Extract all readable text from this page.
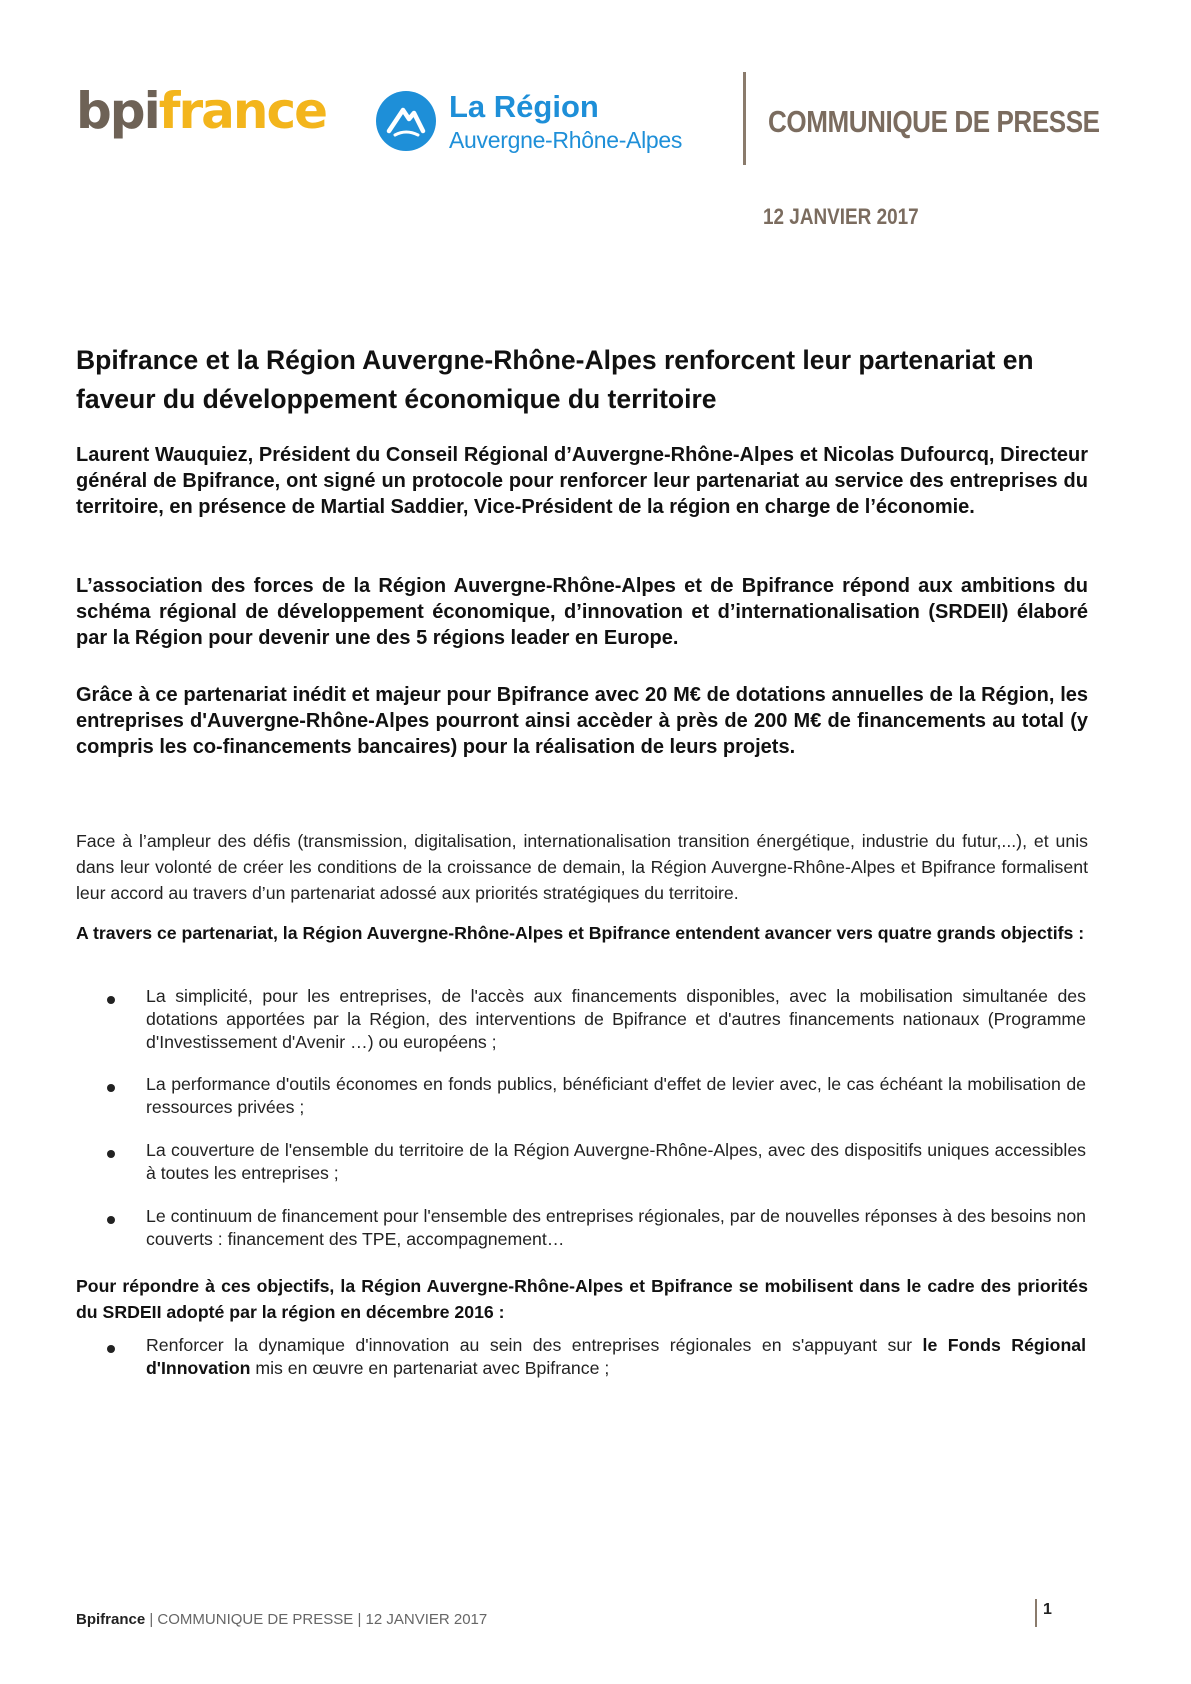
bpifrance	La Région
Auvergne-Rhône-Alpes
COMMUNIQUE DE PRESSE
12 JANVIER 2017
Bpifrance et la Région Auvergne-Rhône-Alpes renforcent leur partenariat en faveur du développement économique du territoire
Laurent Wauquiez, Président du Conseil Régional d’Auvergne-Rhône-Alpes et Nicolas Dufourcq, Directeur général de Bpifrance, ont signé un protocole pour renforcer leur partenariat au service des entreprises du territoire, en présence de Martial Saddier, Vice-Président de la région en charge de l’économie.
L’association des forces de la Région Auvergne-Rhône-Alpes et de Bpifrance répond aux ambitions du schéma régional de développement économique, d’innovation et d’internationalisation (SRDEII) élaboré par la Région pour devenir une des 5 régions leader en Europe.
Grâce à ce partenariat inédit et majeur pour Bpifrance avec 20 M€ de dotations annuelles de la Région, les entreprises d'Auvergne-Rhône-Alpes pourront ainsi accèder à près de 200 M€ de financements au total (y compris les co-financements bancaires) pour la réalisation de leurs projets.
Face à l’ampleur des défis (transmission, digitalisation, internationalisation transition énergétique, industrie du futur,...), et unis dans leur volonté de créer les conditions de la croissance de demain, la Région Auvergne-Rhône-Alpes et Bpifrance formalisent leur accord au travers d’un partenariat adossé aux priorités stratégiques du territoire.
A travers ce partenariat, la Région Auvergne-Rhône-Alpes et Bpifrance entendent avancer vers quatre grands objectifs :
La simplicité, pour les entreprises, de l'accès aux financements disponibles, avec la mobilisation simultanée des dotations apportées par la Région, des interventions de Bpifrance et d'autres financements nationaux (Programme d'Investissement d'Avenir …) ou européens ;
La performance d'outils économes en fonds publics, bénéficiant d'effet de levier avec, le cas échéant la mobilisation de ressources privées ;
La couverture de l'ensemble du territoire de la Région Auvergne-Rhône-Alpes, avec des dispositifs uniques accessibles à toutes les entreprises ;
Le continuum de financement pour l'ensemble des entreprises régionales, par de nouvelles réponses à des besoins non couverts : financement des TPE, accompagnement…
Pour répondre à ces objectifs, la Région Auvergne-Rhône-Alpes et Bpifrance se mobilisent dans le cadre des priorités du SRDEII adopté par la région en décembre 2016 :
Renforcer la dynamique d'innovation au sein des entreprises régionales en s'appuyant sur le Fonds Régional d'Innovation mis en œuvre en partenariat avec Bpifrance ;
Bpifrance | COMMUNIQUE DE PRESSE | 12 JANVIER 2017
1
